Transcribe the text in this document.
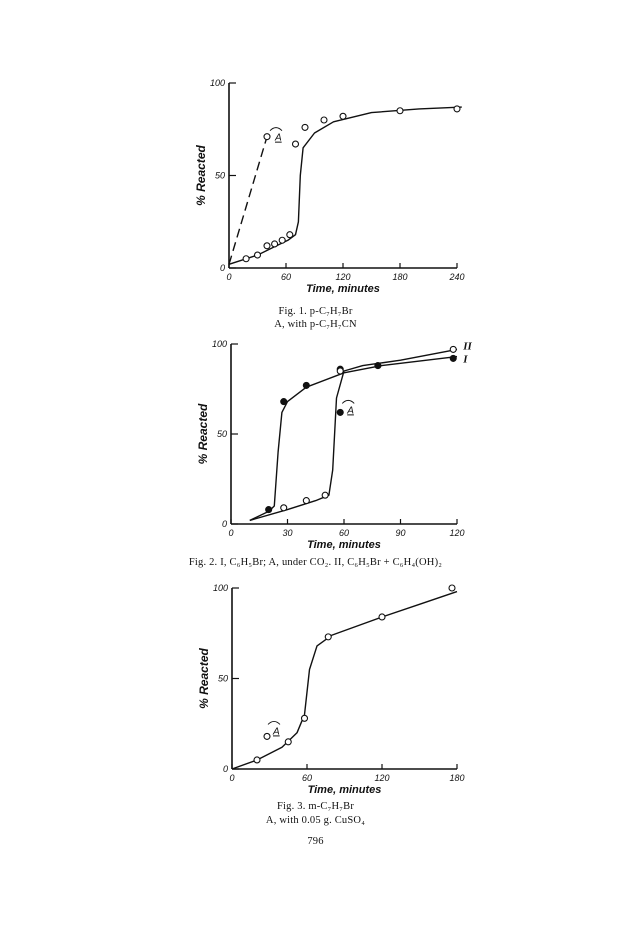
0	60	120	180	240
0
50
100
Time, minutes
% Reacted
A
0	30	60	90	120
0
50
100
Time, minutes
% Reacted
I
II
A
0	60	120	180
0
50
100
Time, minutes
% Reacted
A
Fig. 1. p-C₇H₇Br
A, with p-C₇H₇CN
Fig. 2. I, C₆H₅Br; A, under CO₂. II, C₆H₅Br + C₆H₄(OH)₂
Fig. 3. m-C₇H₇Br
A, with 0.05 g. CuSO₄
796
